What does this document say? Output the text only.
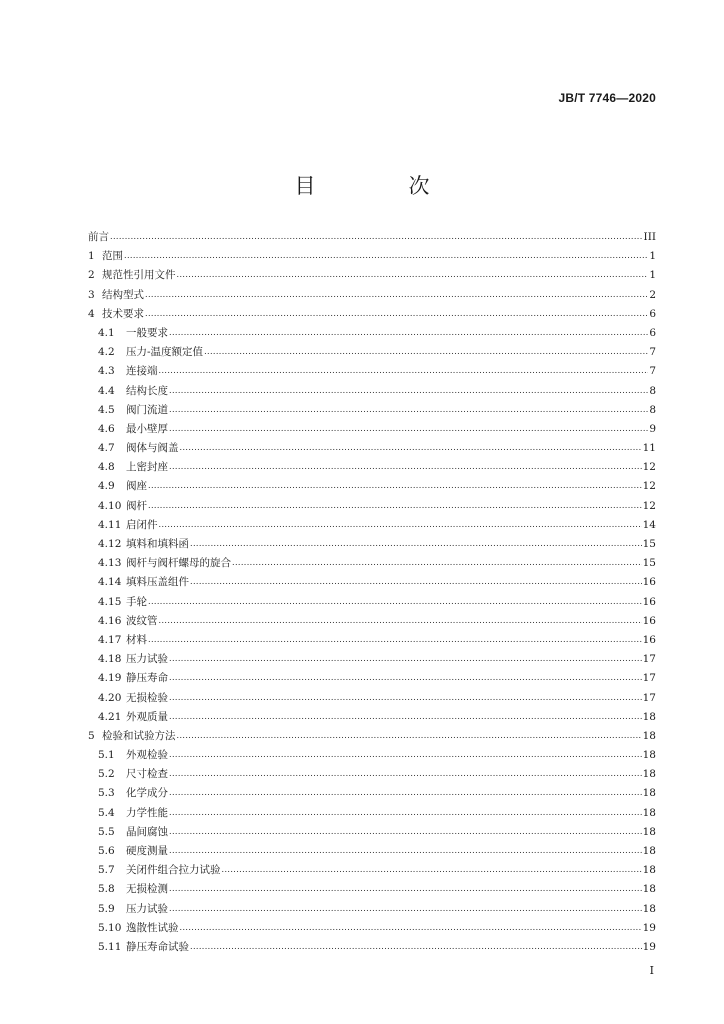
JB/T 7746—2020
目　次
前言 .....	III
1 范围 .....	1
2 规范性引用文件 .....	1
3 结构型式 .....	2
4 技术要求 .....	6
4.1	一般要求 .....	6
4.2	压力-温度额定值 .....	7
4.3	连接端 .....	7
4.4	结构长度 .....	8
4.5	阀门流道 .....	8
4.6	最小壁厚 .....	9
4.7	阀体与阀盖 .....	11
4.8	上密封座 .....	12
4.9	阀座 .....	12
4.10 阀杆 .....	12
4.11 启闭件 .....	14
4.12 填料和填料函 .....	15
4.13 阀杆与阀杆螺母的旋合 .....	15
4.14 填料压盖组件 .....	16
4.15 手轮 .....	16
4.16 波纹管 .....	16
4.17 材料 .....	16
4.18 压力试验 .....	17
4.19 静压寿命 .....	17
4.20 无损检验 .....	17
4.21 外观质量 .....	18
5 检验和试验方法 .....	18
5.1	外观检验 .....	18
5.2	尺寸检查 .....	18
5.3	化学成分 .....	18
5.4	力学性能 .....	18
5.5	晶间腐蚀 .....	18
5.6	硬度测量 .....	18
5.7	关闭件组合拉力试验 .....	18
5.8	无损检测 .....	18
5.9	压力试验 .....	18
5.10 逸散性试验 .....	19
5.11 静压寿命试验 .....	19
I
